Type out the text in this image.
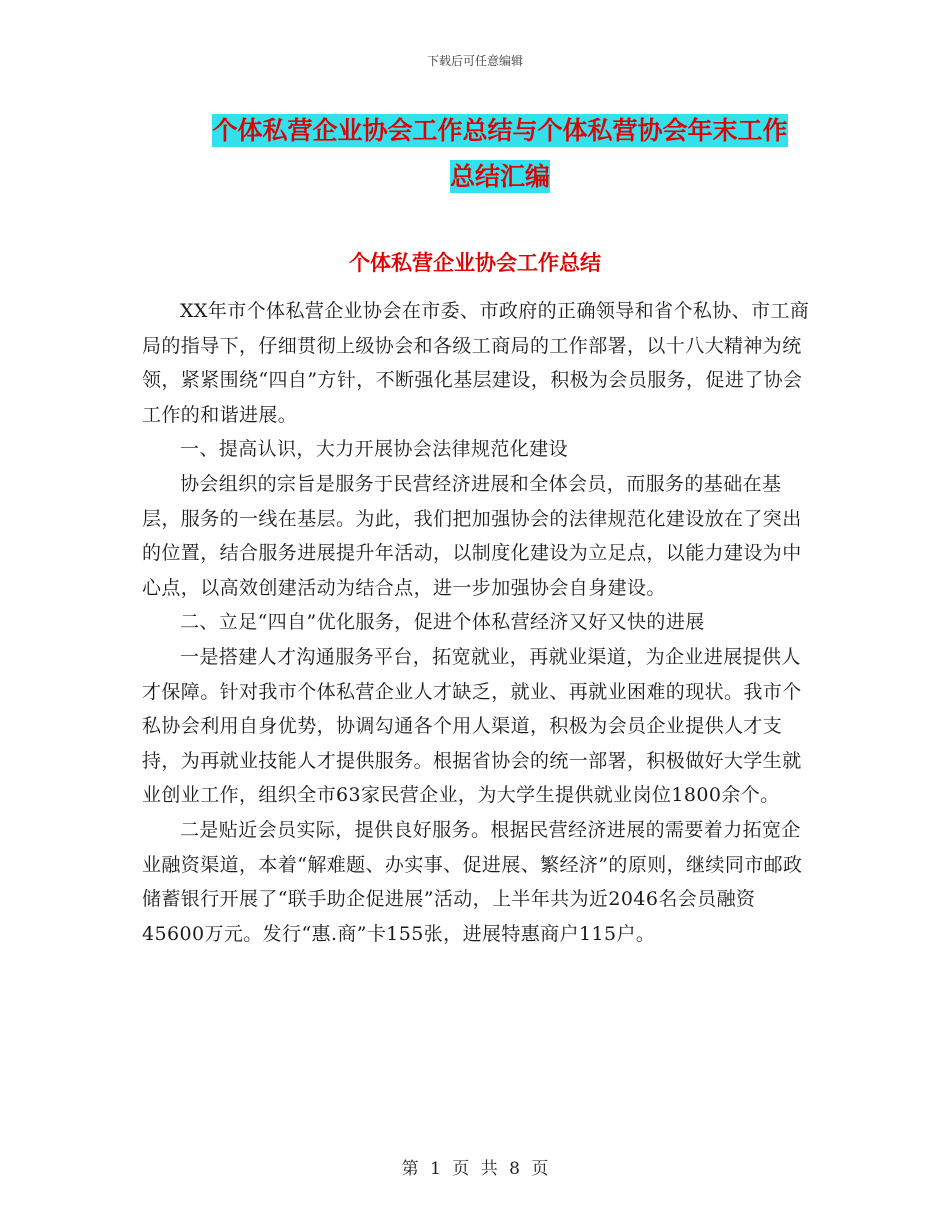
下载后可任意编辑
个体私营企业协会工作总结与个体私营协会年末工作
总结汇编
个体私营企业协会工作总结

XX年市个体私营企业协会在市委、市政府的正确领导和省个私协、市工商局的指导下，仔细贯彻上级协会和各级工商局的工作部署，以十八大精神为统领，紧紧围绕“四自”方针，不断强化基层建设，积极为会员服务，促进了协会工作的和谐进展。

一、提高认识，大力开展协会法律规范化建设

协会组织的宗旨是服务于民营经济进展和全体会员，而服务的基础在基层，服务的一线在基层。为此，我们把加强协会的法律规范化建设放在了突出的位置，结合服务进展提升年活动，以制度化建设为立足点，以能力建设为中心点，以高效创建活动为结合点，进一步加强协会自身建设。

二、立足“四自”优化服务，促进个体私营经济又好又快的进展

一是搭建人才沟通服务平台，拓宽就业，再就业渠道，为企业进展提供人才保障。针对我市个体私营企业人才缺乏，就业、再就业困难的现状。我市个私协会利用自身优势，协调勾通各个用人渠道，积极为会员企业提供人才支持，为再就业技能人才提供服务。根据省协会的统一部署，积极做好大学生就业创业工作，组织全市63家民营企业，为大学生提供就业岗位1800余个。

二是贴近会员实际，提供良好服务。根据民营经济进展的需要着力拓宽企业融资渠道，本着“解难题、办实事、促进展、繁经济”的原则，继续同市邮政储蓄银行开展了“联手助企促进展”活动，上半年共为近2046名会员融资45600万元。发行“惠.商”卡155张，进展特惠商户115户。

第 1 页 共 8 页
